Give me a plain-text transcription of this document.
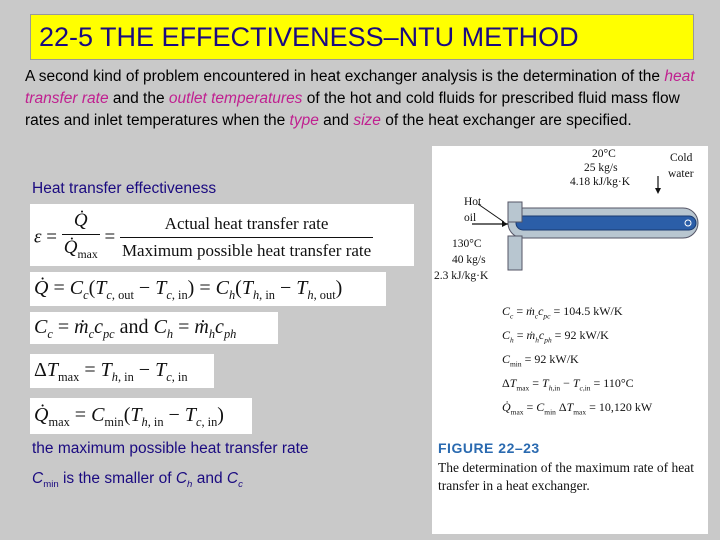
22-5 THE EFFECTIVENESS–NTU METHOD
A second kind of problem encountered in heat exchanger analysis is the determination of the heat transfer rate and the outlet temperatures of the hot and cold fluids for prescribed fluid mass flow rates and inlet temperatures when the type and size of the heat exchanger are specified.
Heat transfer effectiveness
$\varepsilon = \frac{Q̇}{Q̇_{max}} = \frac{\text{Actual heat transfer rate}}{\text{Maximum possible heat transfer rate}}$
Q̇ = $C_c(T_{c, out} - T_{c, in}) = C_h(T_{h, in} - T_{h, out})$
$C_c$ = $ṁ_cc_{pc}$ and $C_h$ = $ṁ_hc_{ph}$
$\Delta T_{max} = T_{h, in} - T_{c, in}$
$Q̇_{max} = C_{min}(T_{h, in} - T_{c, in})$
the maximum possible heat transfer rate
$C_{min}$ is the smaller of $C_h$ and $C_c$
20°C
25 kg/s
4.18 kJ/kg·K
Cold
water
Hot
oil
130°C
40 kg/s
2.3 kJ/kg·K
$C_c$ = $ṁ_cc_{pc} = 104.5$ kW/K
$C_h$ = $ṁ_hc_{ph} = 92$ kW/K
$C_{min} = 92$ kW/K
$\Delta T_{max} = T_{h,in} - T_{c,in} = 110^\circ C$
$Q̇_{max} = C_{min}$ $\Delta T_{max} = 10,120$ kW
FIGURE 22–23
The determination of the maximum rate of heat transfer in a heat exchanger.
